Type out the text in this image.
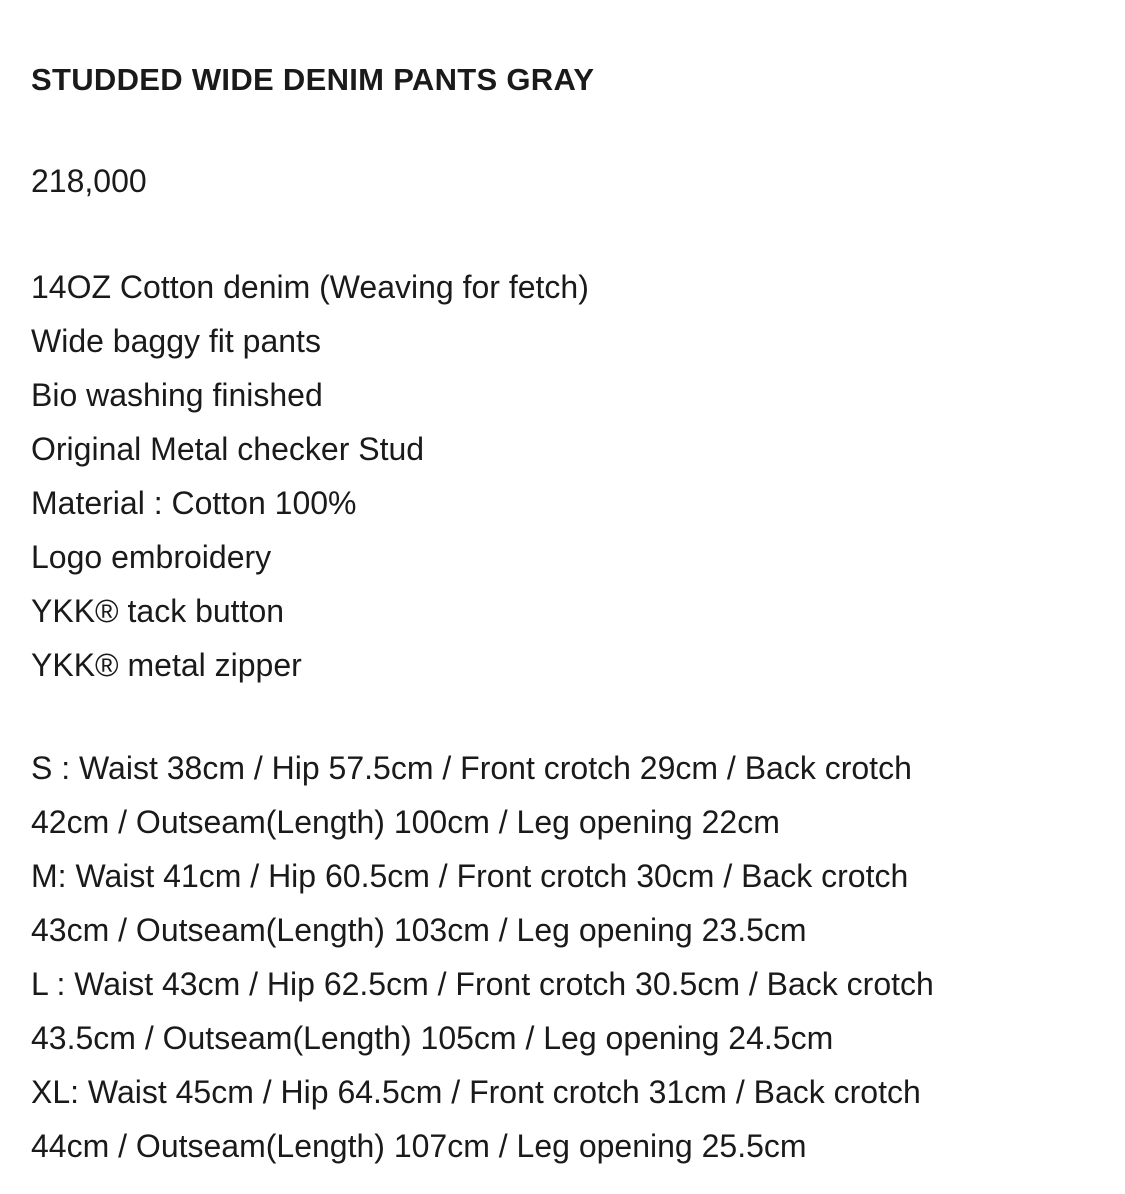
STUDDED WIDE DENIM PANTS GRAY
218,000
14OZ Cotton denim (Weaving for fetch)
Wide baggy fit pants
Bio washing finished
Original Metal checker Stud
Material : Cotton 100%
Logo embroidery
YKK® tack button
YKK® metal zipper
S : Waist 38cm / Hip 57.5cm / Front crotch 29cm / Back crotch
42cm / Outseam(Length) 100cm / Leg opening 22cm
M: Waist 41cm / Hip 60.5cm / Front crotch 30cm / Back crotch
43cm / Outseam(Length) 103cm / Leg opening 23.5cm
L : Waist 43cm / Hip 62.5cm / Front crotch 30.5cm / Back crotch
43.5cm / Outseam(Length) 105cm / Leg opening 24.5cm
XL: Waist 45cm / Hip 64.5cm / Front crotch 31cm / Back crotch
44cm / Outseam(Length) 107cm / Leg opening 25.5cm
